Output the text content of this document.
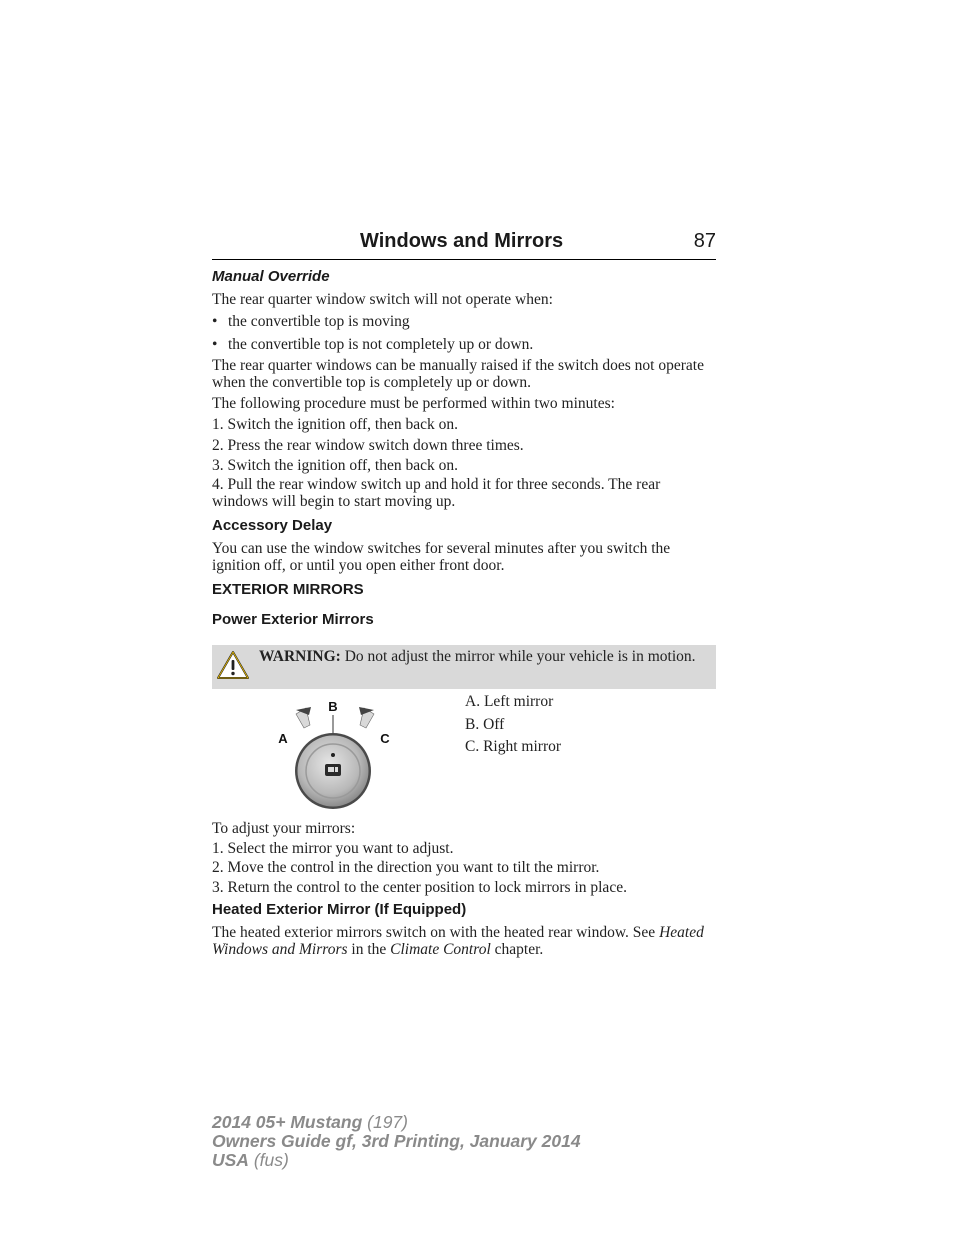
Windows and Mirrors	87

Manual Override

The rear quarter window switch will not operate when:

• the convertible top is moving
• the convertible top is not completely up or down.

The rear quarter windows can be manually raised if the switch does not operate when the convertible top is completely up or down.

The following procedure must be performed within two minutes:

1. Switch the ignition off, then back on.

2. Press the rear window switch down three times.

3. Switch the ignition off, then back on.

4. Pull the rear window switch up and hold it for three seconds. The rear windows will begin to start moving up.

Accessory Delay

You can use the window switches for several minutes after you switch the ignition off, or until you open either front door.

EXTERIOR MIRRORS

Power Exterior Mirrors

WARNING: Do not adjust the mirror while your vehicle is in motion.
B
A	C
A. Left mirror
B. Off
C. Right mirror

To adjust your mirrors:

1. Select the mirror you want to adjust.

2. Move the control in the direction you want to tilt the mirror.

3. Return the control to the center position to lock mirrors in place.

Heated Exterior Mirror (If Equipped)

The heated exterior mirrors switch on with the heated rear window. See Heated Windows and Mirrors in the Climate Control chapter.

2014 05+ Mustang (197)
Owners Guide gf, 3rd Printing, January 2014
USA (fus)
